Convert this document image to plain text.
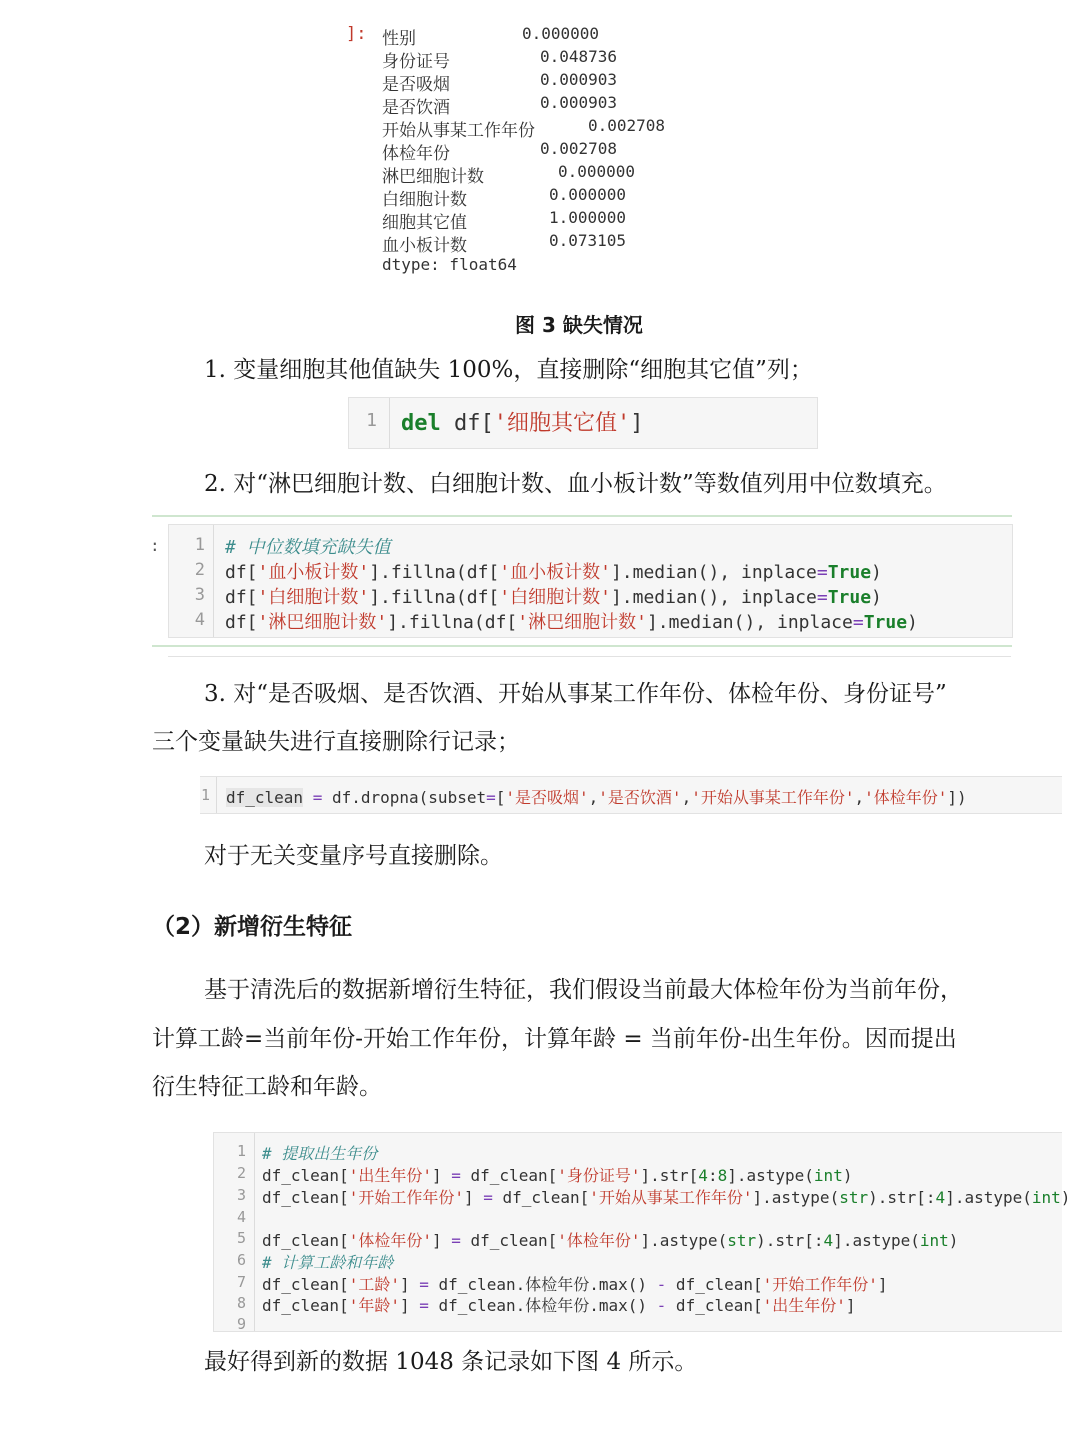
]: 性别	0.000000
身份证号	0.048736
是否吸烟	0.000903
是否饮酒	0.000903
开始从事某工作年份	0.002708
体检年份	0.002708
淋巴细胞计数	0.000000
白细胞计数	0.000000
细胞其它值	1.000000
血小板计数	0.073105
dtype: float64
图 3 缺失情况
1. 变量细胞其他值缺失 100%，直接删除“细胞其它值”列；
1 del df['细胞其它值']
2. 对“淋巴细胞计数、白细胞计数、血小板计数”等数值列用中位数填充。
:	1
2
3
4
# 中位数填充缺失值
df['血小板计数'].fillna(df['血小板计数'].median(), inplace=True)
df['白细胞计数'].fillna(df['白细胞计数'].median(), inplace=True)
df['淋巴细胞计数'].fillna(df['淋巴细胞计数'].median(), inplace=True)
3. 对“是否吸烟、是否饮酒、开始从事某工作年份、体检年份、身份证号”
三个变量缺失进行直接删除行记录；
1 df_clean = df.dropna(subset=['是否吸烟','是否饮酒','开始从事某工作年份','体检年份'])
对于无关变量序号直接删除。
（2）新增衍生特征
基于清洗后的数据新增衍生特征，我们假设当前最大体检年份为当前年份，
计算工龄=当前年份-开始工作年份，计算年龄 = 当前年份-出生年份。因而提出
衍生特征工龄和年龄。
1
2
3
4
5
6
7
8
9
# 提取出生年份
df_clean['出生年份'] = df_clean['身份证号'].str[4:8].astype(int)
df_clean['开始工作年份'] = df_clean['开始从事某工作年份'].astype(str).str[:4].astype(int)
df_clean['体检年份'] = df_clean['体检年份'].astype(str).str[:4].astype(int)
# 计算工龄和年龄
df_clean['工龄'] = df_clean.体检年份.max() - df_clean['开始工作年份']
df_clean['年龄'] = df_clean.体检年份.max() - df_clean['出生年份']
最好得到新的数据 1048 条记录如下图 4 所示。
